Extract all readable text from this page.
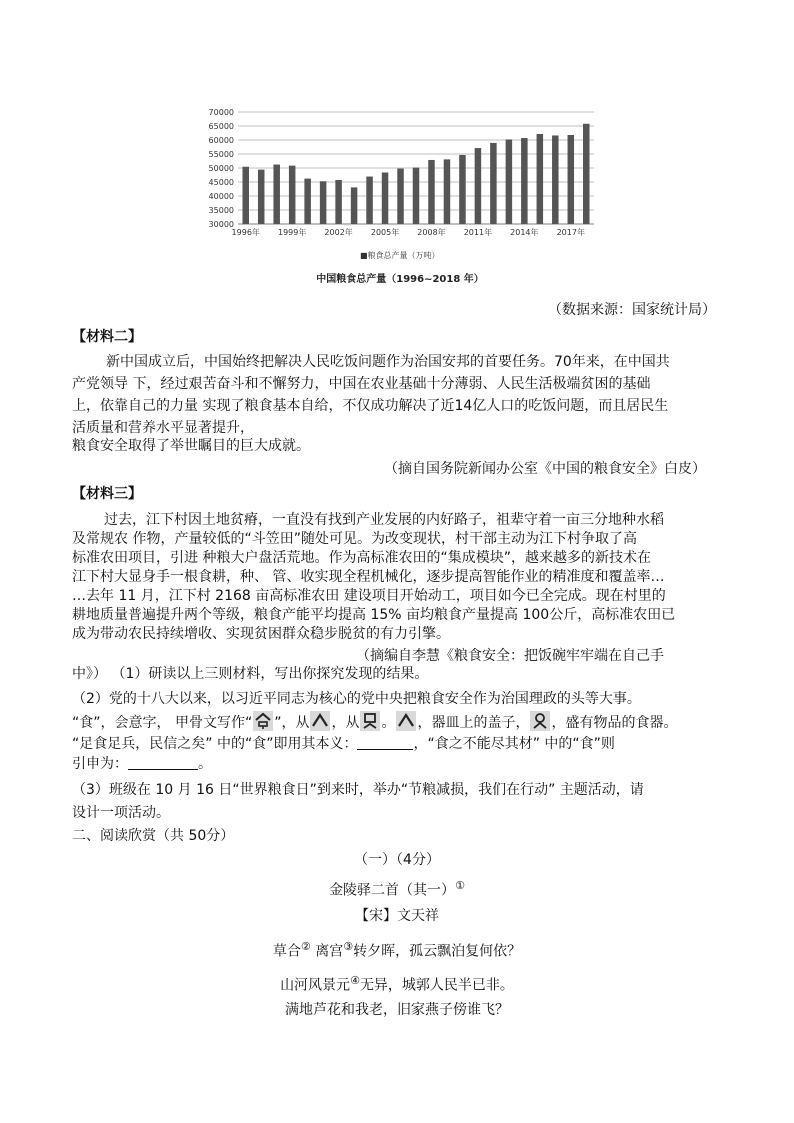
70000
65000
60000
55000
50000
45000
40000
35000
30000
1996年 1999年 2002年 2005年 2008年 2011年 2014年 2017年
■粮食总产量（万吨）
中国粮食总产量（1996~2018 年）
（数据来源：国家统计局）
【材料二】
新中国成立后，中国始终把解决人民吃饭问题作为治国安邦的首要任务。70年来，在中国共
产党领导 下，经过艰苦奋斗和不懈努力，中国在农业基础十分薄弱、人民生活极端贫困的基础
上，依靠自己的力量 实现了粮食基本自给，不仅成功解决了近14亿人口的吃饭问题，而且居民生
活质量和营养水平显著提升，
粮食安全取得了举世瞩目的巨大成就。
（摘自国务院新闻办公室《中国的粮食安全》白皮）
【材料三】
过去，江下村因土地贫瘠，一直没有找到产业发展的内好路子，祖辈守着一亩三分地种水稻
及常规农 作物，产量较低的“斗笠田”随处可见。为改变现状，村干部主动为江下村争取了高
标准农田项目，引进 种粮大户盘活荒地。作为高标准农田的“集成模块”，越来越多的新技术在
江下村大显身手一根食耕，种、 管、收实现全程机械化，逐步提高智能作业的精准度和覆盖率…
…去年 11 月，江下村 2168 亩高标准农田 建设项目开始动工，项目如今已全完成。现在村里的
耕地质量普遍提升两个等级，粮食产能平均提高 15% 亩均粮食产量提高 100公斤，高标准农田已
成为带动农民持续增收、实现贫困群众稳步脱贫的有力引擎。
（摘编自李慧《粮食安全：把饭碗牢牢端在自己手
中》） （1）研读以上三则材料，写出你探究发现的结果。
（2）党的十八大以来，以习近平同志为核心的党中央把粮食安全作为治国理政的头等大事。
“食”，会意字， 甲骨文写作“ ”，从 ，从 。 ，器皿上的盖子， ，盛有物品的食器。
“足食足兵，民信之矣” 中的“食”即用其本义：	，“食之不能尽其材” 中的“食”则
引申为：	。
（3）班级在 10 月 16 日“世界粮食日”到来时，举办“节粮减损，我们在行动” 主题活动，请
设计一项活动。
二、阅读欣赏（共 50分）
（一）（4分）
金陵驿二首（其一）①
【宋】文天祥
草合② 离宫③转夕晖，孤云飘泊复何依？
山河风景元④无异，城郭人民半已非。
满地芦花和我老，旧家燕子傍谁飞？
